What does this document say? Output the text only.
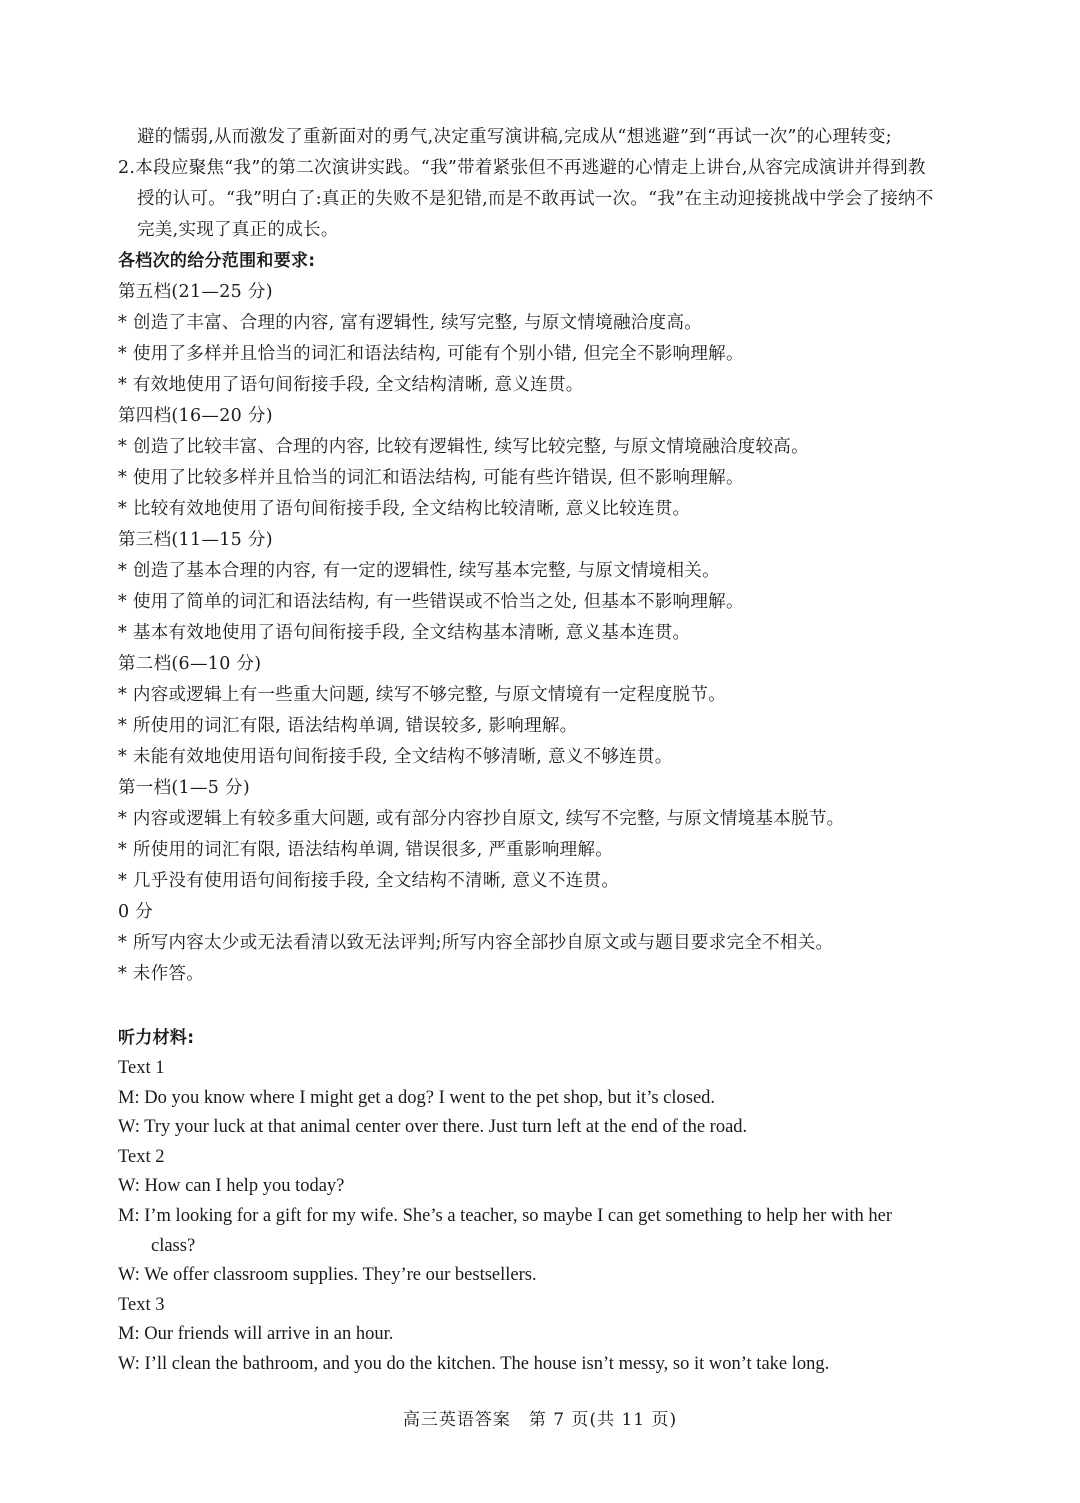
避的懦弱,从而激发了重新面对的勇气,决定重写演讲稿,完成从“想逃避”到“再试一次”的心理转变;
2.本段应聚焦“我”的第二次演讲实践。“我”带着紧张但不再逃避的心情走上讲台,从容完成演讲并得到教
授的认可。“我”明白了:真正的失败不是犯错,而是不敢再试一次。“我”在主动迎接挑战中学会了接纳不
完美,实现了真正的成长。
各档次的给分范围和要求:
第五档(21—25 分)
* 创造了丰富、合理的内容, 富有逻辑性, 续写完整, 与原文情境融洽度高。
* 使用了多样并且恰当的词汇和语法结构, 可能有个别小错, 但完全不影响理解。
* 有效地使用了语句间衔接手段, 全文结构清晰, 意义连贯。
第四档(16—20 分)
* 创造了比较丰富、合理的内容, 比较有逻辑性, 续写比较完整, 与原文情境融洽度较高。
* 使用了比较多样并且恰当的词汇和语法结构, 可能有些许错误, 但不影响理解。
* 比较有效地使用了语句间衔接手段, 全文结构比较清晰, 意义比较连贯。
第三档(11—15 分)
* 创造了基本合理的内容, 有一定的逻辑性, 续写基本完整, 与原文情境相关。
* 使用了简单的词汇和语法结构, 有一些错误或不恰当之处, 但基本不影响理解。
* 基本有效地使用了语句间衔接手段, 全文结构基本清晰, 意义基本连贯。
第二档(6—10 分)
* 内容或逻辑上有一些重大问题, 续写不够完整, 与原文情境有一定程度脱节。
* 所使用的词汇有限, 语法结构单调, 错误较多, 影响理解。
* 未能有效地使用语句间衔接手段, 全文结构不够清晰, 意义不够连贯。
第一档(1—5 分)
* 内容或逻辑上有较多重大问题, 或有部分内容抄自原文, 续写不完整, 与原文情境基本脱节。
* 所使用的词汇有限, 语法结构单调, 错误很多, 严重影响理解。
* 几乎没有使用语句间衔接手段, 全文结构不清晰, 意义不连贯。
0 分
* 所写内容太少或无法看清以致无法评判;所写内容全部抄自原文或与题目要求完全不相关。
* 未作答。
听力材料:
Text 1
M: Do you know where I might get a dog? I went to the pet shop, but it’s closed.
W: Try your luck at that animal center over there. Just turn left at the end of the road.
Text 2
W: How can I help you today?
M: I’m looking for a gift for my wife. She’s a teacher, so maybe I can get something to help her with her
class?
W: We offer classroom supplies. They’re our bestsellers.
Text 3
M: Our friends will arrive in an hour.
W: I’ll clean the bathroom, and you do the kitchen. The house isn’t messy, so it won’t take long.
高三英语答案　第 7 页(共 11 页)
